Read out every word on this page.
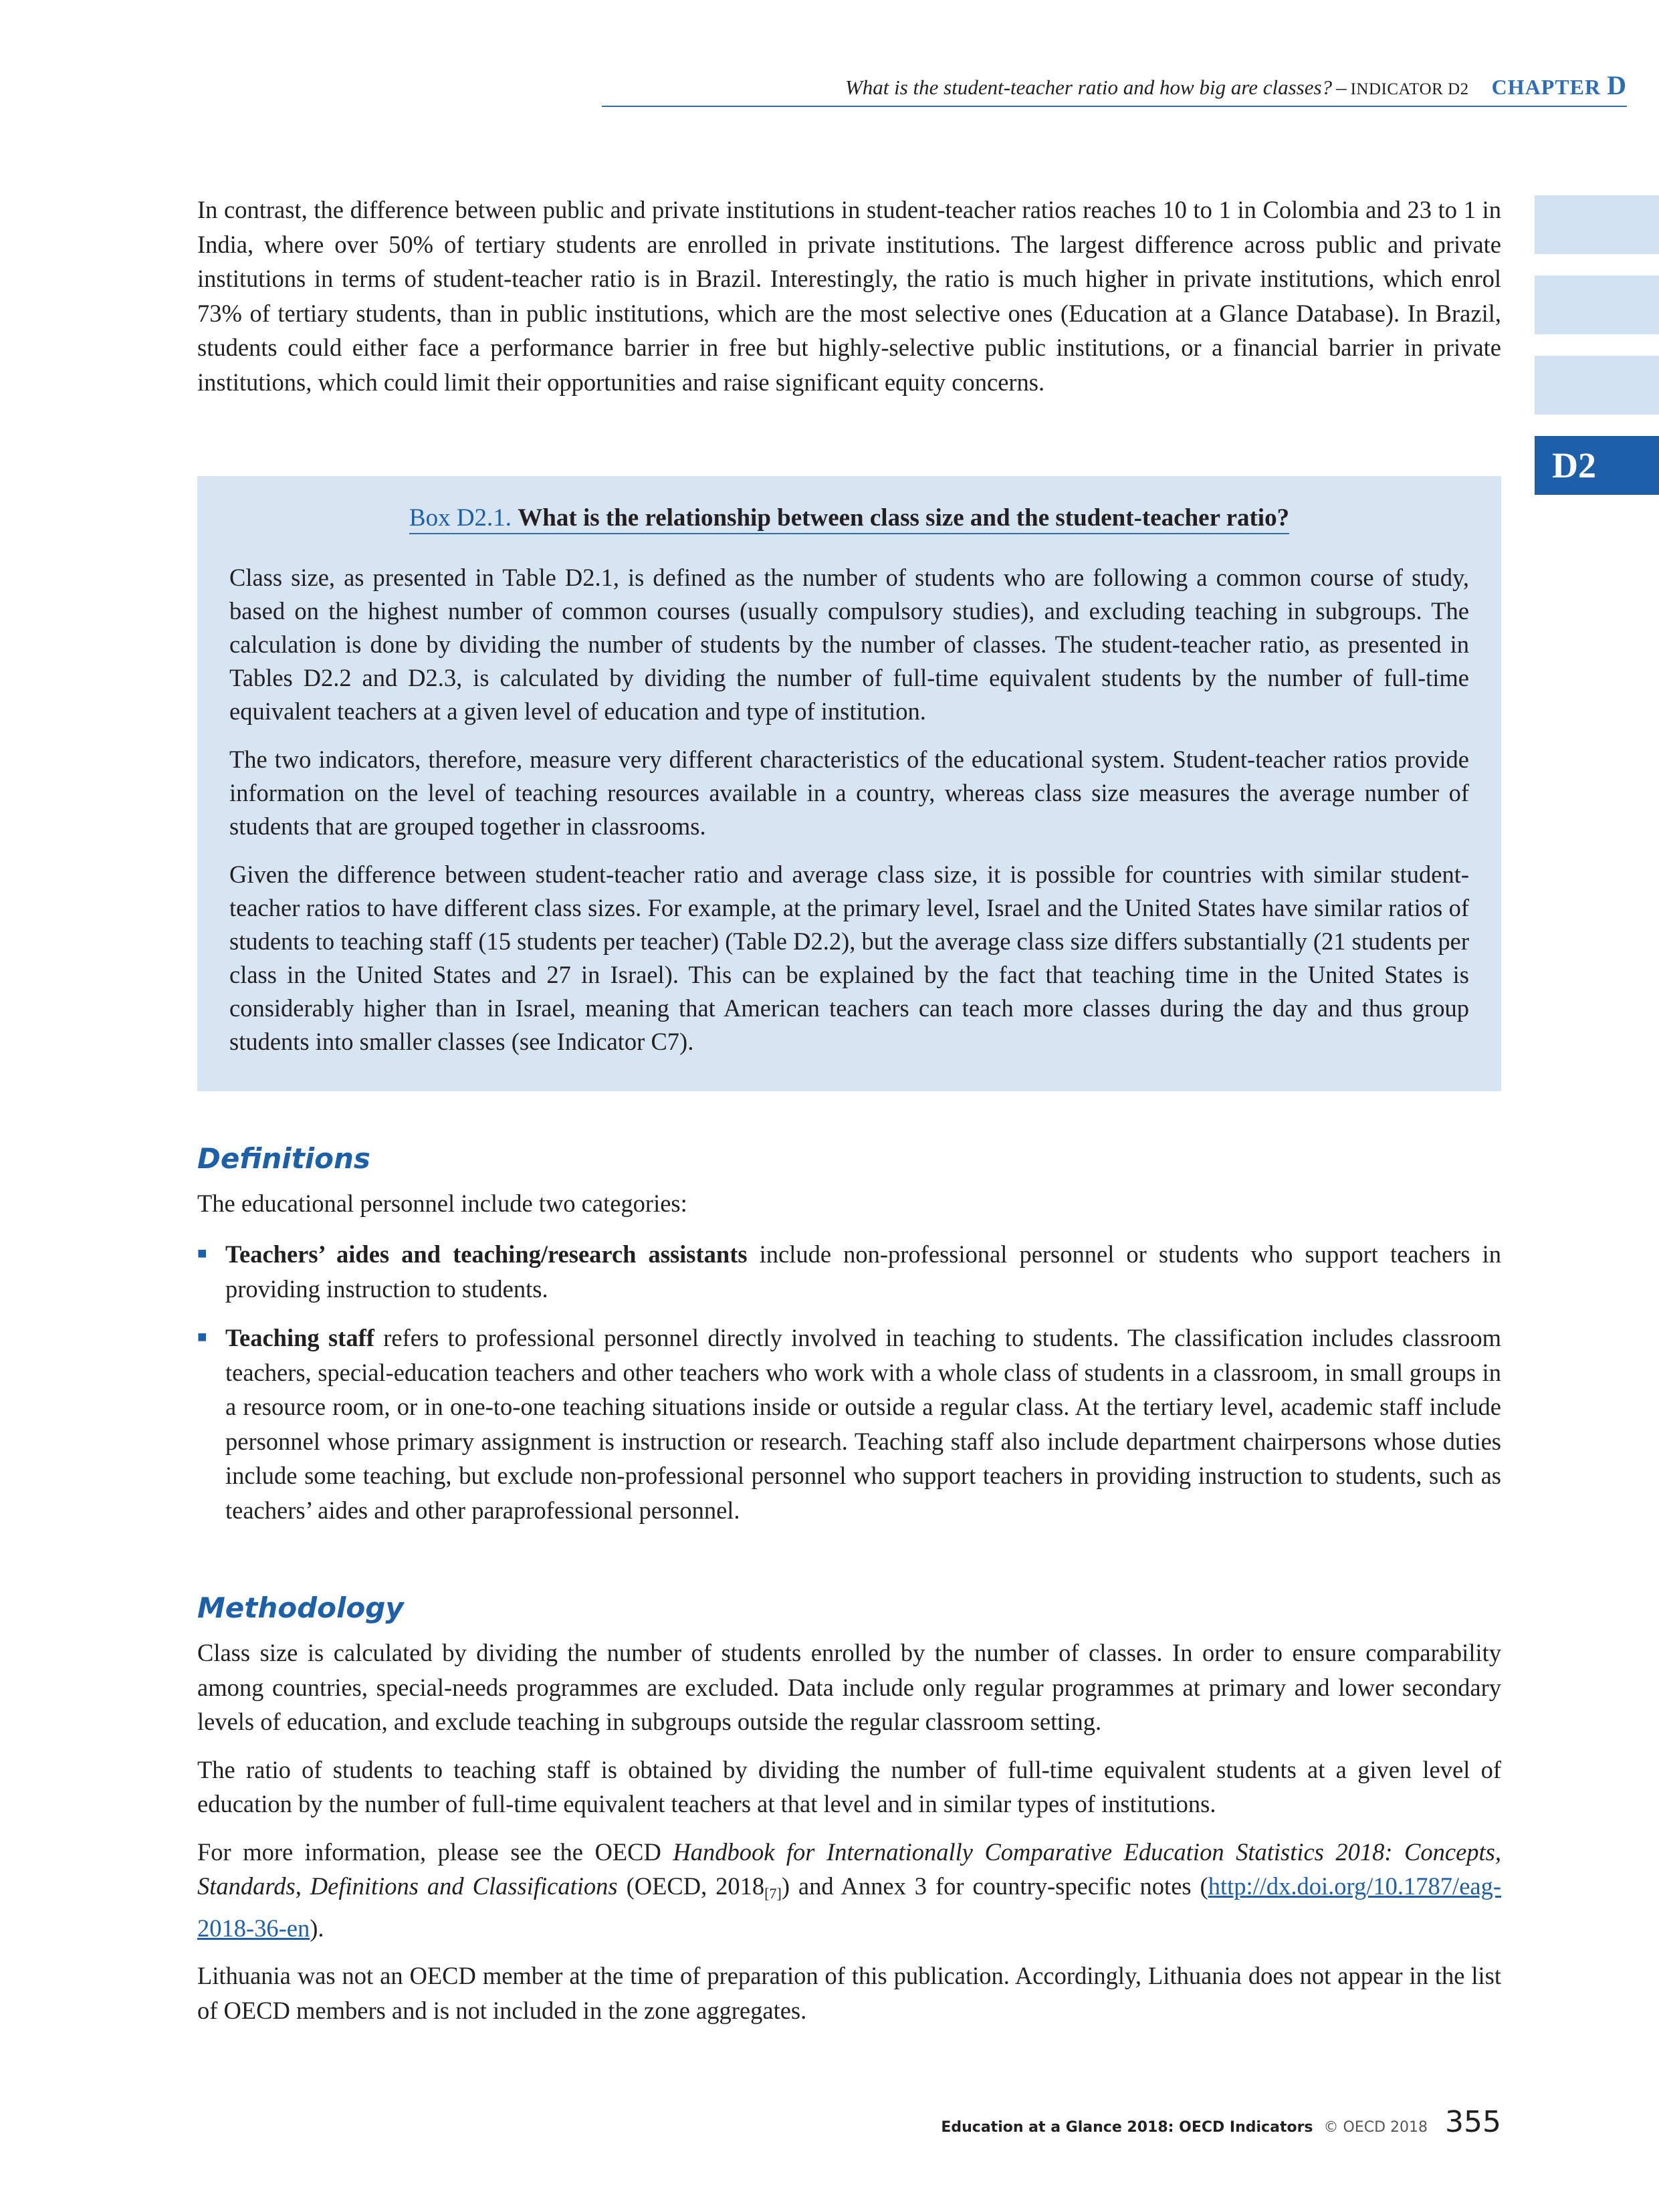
What is the student-teacher ratio and how big are classes? – INDICATOR D2 CHAPTER D
D2

In contrast, the difference between public and private institutions in student-teacher ratios reaches 10 to 1 in Colombia and 23 to 1 in India, where over 50% of tertiary students are enrolled in private institutions. The largest difference across public and private institutions in terms of student-teacher ratio is in Brazil. Interestingly, the ratio is much higher in private institutions, which enrol 73% of tertiary students, than in public institutions, which are the most selective ones (Education at a Glance Database). In Brazil, students could either face a performance barrier in free but highly-selective public institutions, or a financial barrier in private institutions, which could limit their opportunities and raise significant equity concerns.

Box D2.1. What is the relationship between class size and the student-teacher ratio?

Class size, as presented in Table D2.1, is defined as the number of students who are following a common course of study, based on the highest number of common courses (usually compulsory studies), and excluding teaching in subgroups. The calculation is done by dividing the number of students by the number of classes. The student-teacher ratio, as presented in Tables D2.2 and D2.3, is calculated by dividing the number of full-time equivalent students by the number of full-time equivalent teachers at a given level of education and type of institution.

The two indicators, therefore, measure very different characteristics of the educational system. Student-teacher ratios provide information on the level of teaching resources available in a country, whereas class size measures the average number of students that are grouped together in classrooms.

Given the difference between student-teacher ratio and average class size, it is possible for countries with similar student-teacher ratios to have different class sizes. For example, at the primary level, Israel and the United States have similar ratios of students to teaching staff (15 students per teacher) (Table D2.2), but the average class size differs substantially (21 students per class in the United States and 27 in Israel). This can be explained by the fact that teaching time in the United States is considerably higher than in Israel, meaning that American teachers can teach more classes during the day and thus group students into smaller classes (see Indicator C7).

Definitions

The educational personnel include two categories:

■ Teachers’ aides and teaching/research assistants include non-professional personnel or students who support teachers in providing instruction to students.
■ Teaching staff refers to professional personnel directly involved in teaching to students. The classification includes classroom teachers, special-education teachers and other teachers who work with a whole class of students in a classroom, in small groups in a resource room, or in one-to-one teaching situations inside or outside a regular class. At the tertiary level, academic staff include personnel whose primary assignment is instruction or research. Teaching staff also include department chairpersons whose duties include some teaching, but exclude non-professional personnel who support teachers in providing instruction to students, such as teachers’ aides and other paraprofessional personnel.
Methodology

Class size is calculated by dividing the number of students enrolled by the number of classes. In order to ensure comparability among countries, special-needs programmes are excluded. Data include only regular programmes at primary and lower secondary levels of education, and exclude teaching in subgroups outside the regular classroom setting.

The ratio of students to teaching staff is obtained by dividing the number of full-time equivalent students at a given level of education by the number of full-time equivalent teachers at that level and in similar types of institutions.

For more information, please see the OECD Handbook for Internationally Comparative Education Statistics 2018: Concepts, Standards, Definitions and Classifications (OECD, $2018_{[7]}$) and Annex 3 for country-specific notes (http://dx.doi.org/10.1787/eag-2018-36-en).

Lithuania was not an OECD member at the time of preparation of this publication. Accordingly, Lithuania does not appear in the list of OECD members and is not included in the zone aggregates.

Education at a Glance 2018: OECD Indicators © OECD 2018 355
